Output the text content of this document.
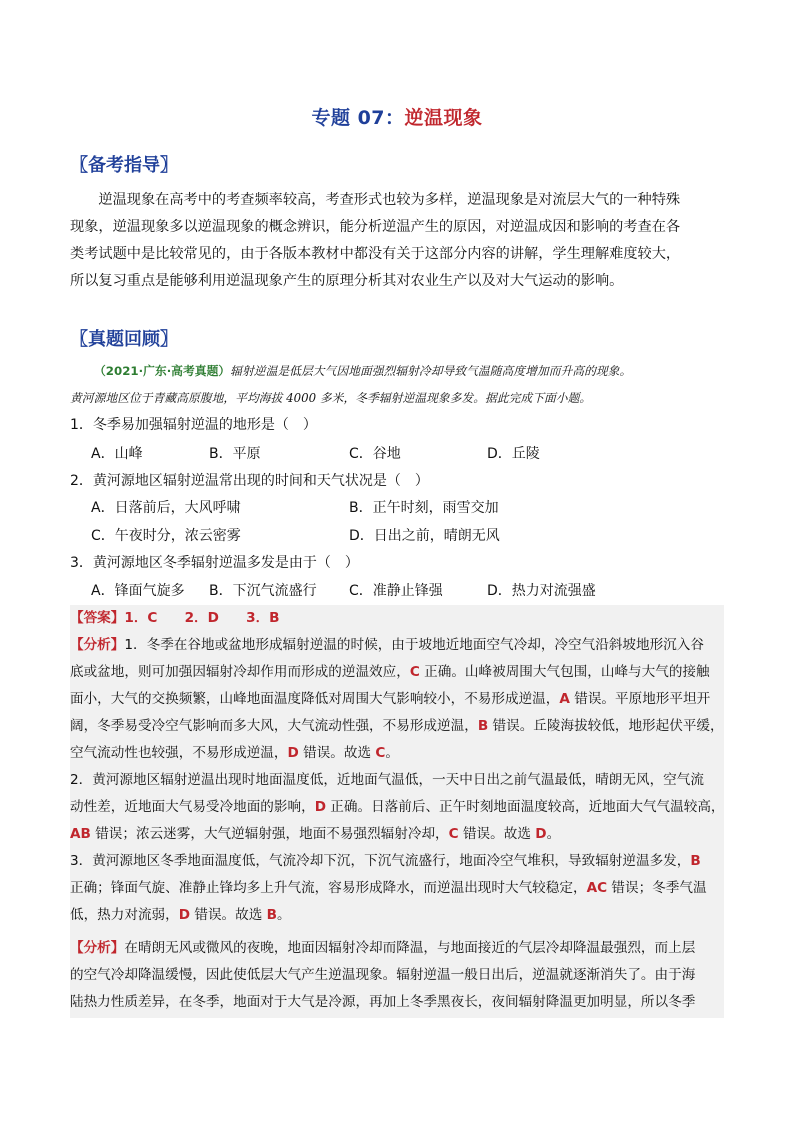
专题 07：逆温现象
〖备考指导〗
逆温现象在高考中的考查频率较高，考查形式也较为多样，逆温现象是对流层大气的一种特殊
现象，逆温现象多以逆温现象的概念辨识，能分析逆温产生的原因，对逆温成因和影响的考查在各
类考试题中是比较常见的，由于各版本教材中都没有关于这部分内容的讲解，学生理解难度较大，
所以复习重点是能够利用逆温现象产生的原理分析其对农业生产以及对大气运动的影响。
〖真题回顾〗
（2021·广东·高考真题）辐射逆温是低层大气因地面强烈辐射冷却导致气温随高度增加而升高的现象。
黄河源地区位于青藏高原腹地，平均海拔 4000 多米，冬季辐射逆温现象多发。据此完成下面小题。
1．冬季易加强辐射逆温的地形是（　）
A．山峰	B．平原	C．谷地	D．丘陵
2．黄河源地区辐射逆温常出现的时间和天气状况是（　）
A．日落前后，大风呼啸	B．正午时刻，雨雪交加
C．午夜时分，浓云密雾	D．日出之前，晴朗无风
3．黄河源地区冬季辐射逆温多发是由于（　）
A．锋面气旋多 B．下沉气流盛行 C．准静止锋强	D．热力对流强盛
【答案】1．C　　2．D　　3．B
【分析】1．冬季在谷地或盆地形成辐射逆温的时候，由于坡地近地面空气冷却，冷空气沿斜坡地形沉入谷
底或盆地，则可加强因辐射冷却作用而形成的逆温效应，C 正确。山峰被周围大气包围，山峰与大气的接触
面小，大气的交换频繁，山峰地面温度降低对周围大气影响较小，不易形成逆温，A 错误。平原地形平坦开
阔，冬季易受冷空气影响而多大风，大气流动性强，不易形成逆温，B 错误。丘陵海拔较低，地形起伏平缓，
空气流动性也较强，不易形成逆温，D 错误。故选 C。
2．黄河源地区辐射逆温出现时地面温度低，近地面气温低，一天中日出之前气温最低，晴朗无风，空气流
动性差，近地面大气易受冷地面的影响，D 正确。日落前后、正午时刻地面温度较高，近地面大气气温较高，
AB 错误；浓云迷雾，大气逆辐射强，地面不易强烈辐射冷却，C 错误。故选 D。
3．黄河源地区冬季地面温度低，气流冷却下沉，下沉气流盛行，地面冷空气堆积，导致辐射逆温多发，B
正确；锋面气旋、准静止锋均多上升气流，容易形成降水，而逆温出现时大气较稳定，AC 错误；冬季气温
低，热力对流弱，D 错误。故选 B。
【分析】在晴朗无风或微风的夜晚，地面因辐射冷却而降温，与地面接近的气层冷却降温最强烈，而上层
的空气冷却降温缓慢，因此使低层大气产生逆温现象。辐射逆温一般日出后，逆温就逐渐消失了。由于海
陆热力性质差异，在冬季，地面对于大气是冷源，再加上冬季黑夜长，夜间辐射降温更加明显，所以冬季
